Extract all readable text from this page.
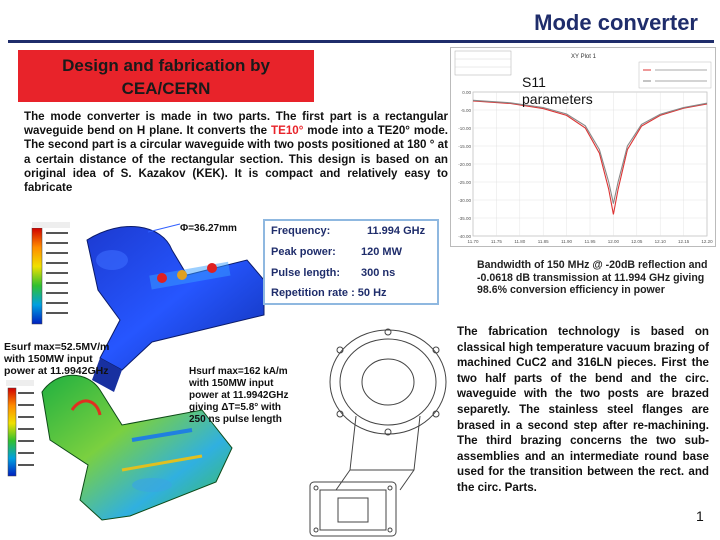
Mode converter
Design and fabrication by
CEA/CERN
The mode converter is made in two parts. The first part is a rectangular waveguide bend on H plane. It converts the TE10° mode into a TE20° mode. The second part is a circular waveguide with two posts positioned at 180 ° at a certain distance of the rectangular section. This design is based on an original idea of S. Kazakov (KEK). It is compact and relatively easy to fabricate
XY Plot 1
0.00
-5.00
-10.00
-15.00
-20.00
-25.00
-30.00
-35.00
-40.00
11.70	11.75	11.80	11.85	11.90	11.95	12.00	12.05	12.10	12.15	12.20
S11 parameters
Bandwidth of 150 MHz @ -20dB reflection and -0.0618 dB transmission at 11.994 GHz giving 98.6% conversion efficiency in power
Frequency:	11.994 GHz
Peak power: 120 MW
Pulse length: 300 ns
Repetition rate : 50 Hz
Φ=36.27mm
Esurf max=52.5MV/m with 150MW input power at 11.9942GHz	Hsurf max=162 kA/m with 150MW input power at 11.9942GHz giving ΔT=5.8° with 250 ns pulse length
The fabrication technology is based on classical high temperature vacuum brazing of machined CuC2 and 316LN pieces. First the two half parts of the bend and the circ. waveguide with the two posts are brazed separetly. The stainless steel flanges are brased in a second step after re-machining. The third brazing concerns the two sub-assemblies and an intermediate round base used for the transition between the rect. and the circ. Parts.
1
